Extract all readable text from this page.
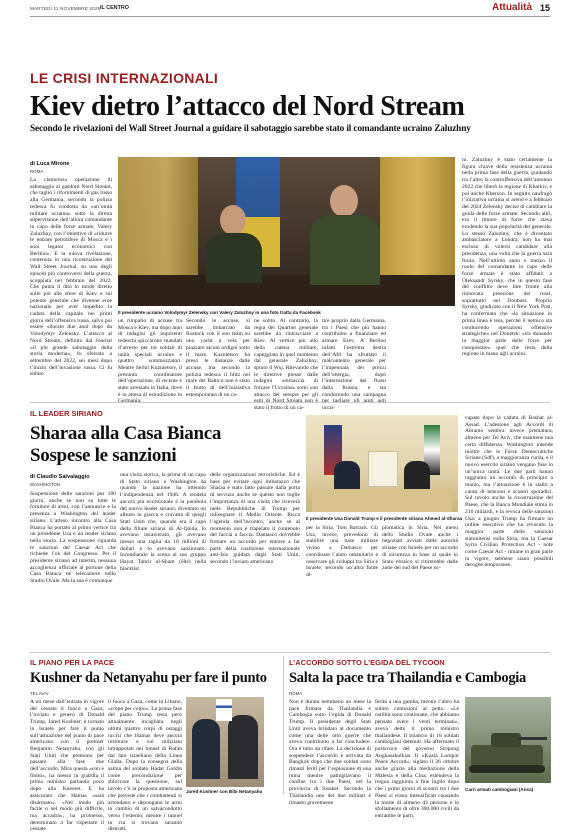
MARTEDÌ 11 NOVEMBRE 2025 IL CENTRO	Attualità 15
LE CRISI INTERNAZIONALI
Kiev dietro l’attacco del Nord Stream
Secondo le rivelazioni del Wall Street Journal a guidare il sabotaggio sarebbe stato il comandante ucraino Zaluzhny
di Luca Mirone
ROMA
La clamorosa operazione di sabotaggio ai gasdotti Nord Stream, che tagliò i rifornimenti di gas russo alla Germania, secondo la polizia tedesca fu condotta da «un’unità militare ucraina» sotto la diretta supervisione dell’allora comandante in capo delle forze armate, Valery Zaluzhny, con l’obiettivo di «ridurre le entrate petrolifere di Mosca e i suoi legami economici con Berlino». E la nuova rivelazione, contenuta in una ricostruzione del Wall Street Journal, su uno degli episodi più controversi della guerra, scoppiata nel febbraio del 2022. Che punta il dito in modo diretto sulle più alte sfere di Kiev e sul potente generale che divenne eroe nazionale per aver impedito la caduta della capitale nei primi giorni dell’offensiva russa, salvo poi essere silurato due anni dopo da Volodymyr Zelensky. L’attacco al Nord Stream, definito dal Journal «il più grande sabotaggio della storia moderna», fu sferrato a settembre del 2022, sei mesi dopo l’inizio dell’invasione russa. Ci fu subito
Il presidente ucraino Volodymyr Zelensky con Valery Zaluzhny in una foto tratta da Facebook
un rimpallo di accuse tra Mosca e Kiev, ma dopo anni di indagini gli inquirenti tedeschi spiccarono mandati d’arresto per tre soldati di unità speciali ucraine e quattro sommozzatori. Mentre Serhii Kuznietsov, il presunto coordinatore dell’operazione, di recente è stato arrestato in Italia, dove è in attesa di estradizione in
Secondo le accuse, si sarebbe imbarcato da Rostock con il suo team su uno yacht a vela per piazzare alcuni ordigni sotto il mare. Kuznietsov ha preso le distanze dalle accuse, ma secondo la polizia tedesca il blitz nel mare del Baltico non è stato il frutto di dell’iniziativa estemporanea di un ca-
ne solito. Al contrario, la regia del Quartier generale sarebbe da rintracciare a Kiev. Al vertice più alto della catena militare, capeggiata in quel momento dal generale Zaluzhny, spinto il Wsj. Rilevando che le direttive presse dalle indagini «minaccia di forzare l’Ucraina» sotto «un attacco del sempre per gli stato il frutto di un ca-
tire proprio dalla Germania, tra i Paesi che più hanno contribuito a finanziare ed armare Kiev. A Berlino infatti l’estrema destra dell’Afd ha sfruttato il malcontento generale per l’impennata dei prezzi dell’energia, dopo l’interruzione dei flussi dalla Russia, e sta conducendo una campagna ucrai-
ni. Zaluzhny è stato certamente la figura chiave della resistenza ucraina nella prima fase della guerra, guidando tra l’altro la controffensiva dell’autunno 2022 che liberò la regione di Kharkiv, e poi anche Kherson. In seguito naufragò l’iniziativa ucraina si arenò e a febbraio del 2024 Zelensky decise di cambiare la guida delle forze armate. Secondo altri, era il timore di forze che stava erodendo la sua popolarità del generale. Lo stesso Zaluzhny, che è diventato ambasciatore a Londra, non ha mai escluso di volersi candidare alla presidenza, una volta che la guerra sarà finita. Nell’ultimo anno e mezzo il ruolo del comandante in capo delle forze armate è stato affidato a Oleksandr Syrsky, che in questo fase del conflitto deve fare fronte alla rinnovata pressione dei russi, soprattutto nel Donbass. Proprio Syrsky, giudicato con il New York Post, ha confermato che «la situazione in prima linea è tesa, perché il nemico sta conducendo operazioni offensive strategiche» nel Donetsk: «tra dunando la maggior parte delle forze per conquistare» quel che resta della regione in mano agli ucraini.
IL LEADER SIRIANO
Sharaa alla Casa Bianca
Sospese le sanzioni
di Claudio Salvalaggio
WASHINGTON
Sospensione delle sanzioni per 180 giorni, anche se non su tutte le forniture di armi, con l’annuncio e la presenza a Washington del leader siriano. L’atteso incontro alla Casa Bianca ha portato al primo vertice tra un presidente Usa e un leader siriano nella storia. La sospensione riguarda le sanzioni del Caesar Act che richiede l’ok del Congresso. Per il presidente siriano ad interim, nessuna accoglienza ufficiale al portone della Casa Bianca né telecamere nello Studio Ovale. Ma la sua è comunque
una visita storica, la prima di un capo di Stato siriano a Washington da quando la nazione ha ottenuto l’indipendenza nel 1946. A rendela ancora più eccezionale è la parabola del nuovo leader siriano, diventato un alleato in giacca e cravatta di quegli Stati Uniti che, quando era il capo della filiale siriana di Al-Qaida, lo avevano incarcerato, gli avevano messo una taglia da 10 milioni di dollari e lo avevano sanzionato. Incendiando la scena al suo gruppo Hayat Tahrir al-Sham (Hts) nella blacklist
delle organizzazioni terroristiche. Ed è base per evitare ogni imbarazzo che Sharaa è stato fatto passare dalla porta di servizio anche se questo non toglie l’importanza di una visita che riceverà nelle Repubbliche di Trump per ridisegnare il Medio Oriente. Ricca l’agenda dell’incontro, anche se al momento non è trapelato il contenuto del faccia a faccia. Damasco dovrebbe firmare un accordo per entrare a far parte della coalizione internazionale anti-Isis guidata dagli Stati Uniti, secondo l’inviato americano
Il presidente Usa Donald Trump e il presidente siriano Ahmed al-Sharaa
per la Siria, Tom Barrack. Gli Usa, invece, prevedono di stabilire una base militare vicino a Damasco per coordinare l’aiuto umanitario e osservare gli sviluppi tra Siria e Israele, secondo un’altra fonte di-
plomatica in Siria. Nel menu dello Studio Ovale anche i negoziati avviati dalle autorità siriane con Israele per un accordo di sicurezza in base al quale lo Stato ebraico si ritirerebbe dalle zone del sud del Paese oc-
cupate dopo la caduta di Bashar al-Assad. L’adesione agli Accordi di Abramo sembra invece prematura, almeno per Tel Aviv, che mantiene una certa diffidenza. Washington intende inoltre che le Forze Democratiche Siriane (Sdf), a maggioranza curda, e il nuovo esercito siriano vengano fuse in un’unica unità. Le due parti hanno raggiunto un accordo di principio a marzo, ma l’attuazione è in stallo a causa di tensioni e scontri sporadici. Sul tavolo anche la ricostruzione del Paese, che la Banca Mondiale stima in 216 miliardi, e la revoca delle sanzioni Usa: a giugno Trump ha firmato un ordine esecutivo che ha revocato la maggior parte delle sanzioni statunitensi sulla Siria, ma la Caesar Syria Civilian Protection Act - note come Caesar Act - rimane in gran parte in vigore, sebbene siano possibili deroghe temporanee.
IL PIANO PER LA PACE
Kushner da Netanyahu per fare il punto
TEL AVIV
A un mese dall’entrata in vigore del cessate il fuoco a Gaza, l’inviato e genero di Donald Trump, Jared Kushner, è tornato in Israele per fare il punto sull’attuazione del piano di pace americano con il premier Benjamin Netanyahu, con gli Stati Uniti che premono per passare alla fase due dell’accordo. Mira questa «con e finito», ha messo in guardia il primo ministro parlando poco dopo alla Knesset. E ha assicurato che Hamas «sarà disarmato». «Nel modo più facile o nel modo più difficile, ma accadrà», ha promesso, determinato a far rispettare il cessate
il fuoco a Gaza, come in Libano, «colpo per colpo». La prima fase del piano Trump resta però attualmente incagliata negli ultimi quattro corpi di ostaggi uccisi che Hamas deve ancora restituire e sui miliziani intrappolati nei tunnel di Rafah dal lato israeliano della Linea Gialla. Dopo la consegna della salma del soldato Hadar Goldin come precondizione per sbloccare la questione, sul tavolo c’è la proposta americana che prevede che i combattenti si arrendano e depongano le armi in cambio di un salvacondotto verso l’esterno, mentre i tunnel in cui si trovano saranno distrutti.
Jared Kushner con Bibi Netanyahu
L’ACCORDO SOTTO L’EGIDA DEL TYCOON
Salta la pace tra Thailandia e Cambogia
ROMA
Non è durata nemmeno un mese la pace firmata da Thailandia e Cambogia sotto l’egida di Donald Trump. Il presidente degli Stati Uniti aveva brindato al documento come una delle otto guerre che aveva contribuito a far concludere. Ora è tutto da rifare. La decisione di sospendere l’accordo è arrivata da Bangkok dopo che due soldati sono rimasti feriti per l’esplosione di una mina mentre pattugliavano il confine tra i due Paesi, nel la provincia di Sisaket. Secondo la Thailandia uno dei due militari è rimasto gravemente
ferito a una gamba, mentre l’altro ha subito contusioni al petto. «Le ostilità sono continuate, che abbiamo pensato avere i venti terminati», aveva detto il primo ministro thailandese. Il bilancio di 18 soldati cambogiani detenuti. Ha affermato il portavoce del governo Siripong Angkasakulkiat. Il «Kuala Lumpur Peace Accord», siglato il 26 ottobre anche grazie alla mediazione della Malesia e della Cina, estendeva la tregua raggiunta a fine luglio dopo che i primi giorni di scontri tra i due Paesi si erano intensificati causando la morte di almeno 43 persone e lo sfollamento di oltre 300.000 civili da entrambe le parti.
Carri armati cambogiani (Ansa)
